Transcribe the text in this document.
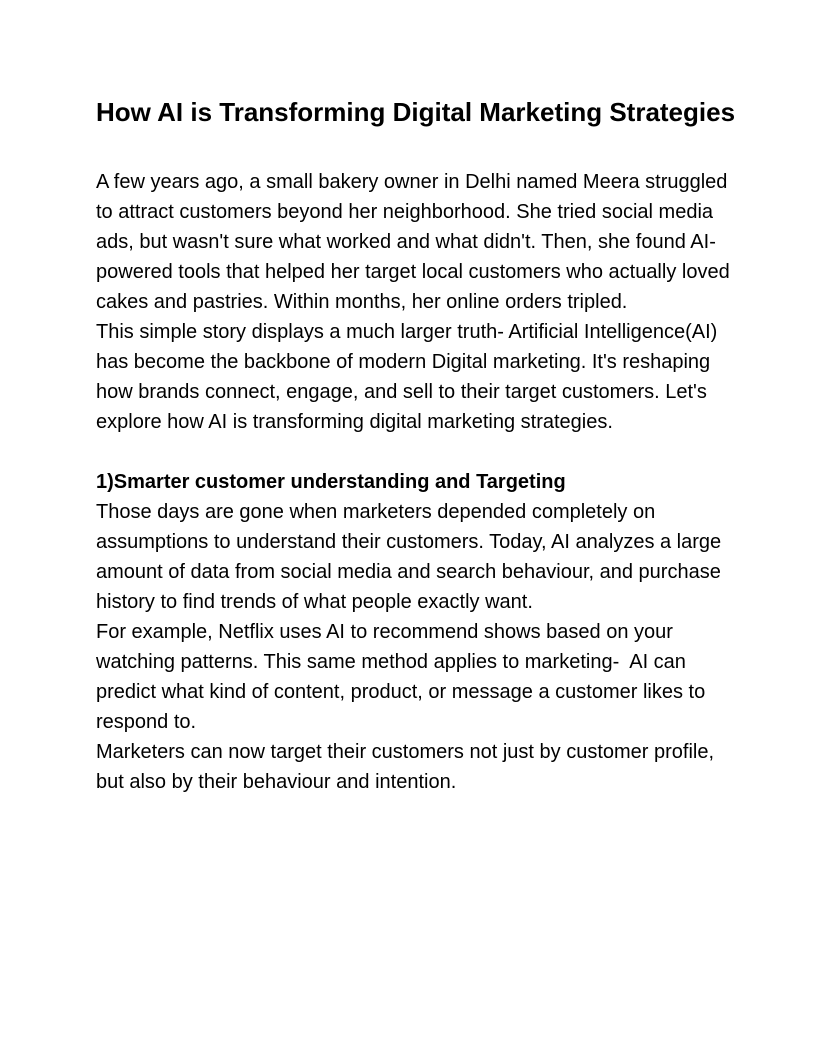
How AI is Transforming Digital Marketing Strategies

A few years ago, a small bakery owner in Delhi named Meera struggled to attract customers beyond her neighborhood. She tried social media ads, but wasn't sure what worked and what didn't. Then, she found AI-powered tools that helped her target local customers who actually loved cakes and pastries. Within months, her online orders tripled.

This simple story displays a much larger truth- Artificial Intelligence(AI) has become the backbone of modern Digital marketing. It's reshaping how brands connect, engage, and sell to their target customers. Let's explore how AI is transforming digital marketing strategies.

1)Smarter customer understanding and Targeting

Those days are gone when marketers depended completely on assumptions to understand their customers. Today, AI analyzes a large amount of data from social media and search behaviour, and purchase history to find trends of what people exactly want.

For example, Netflix uses AI to recommend shows based on your watching patterns. This same method applies to marketing-  AI can predict what kind of content, product, or message a customer likes to respond to.

Marketers can now target their customers not just by customer profile, but also by their behaviour and intention.
